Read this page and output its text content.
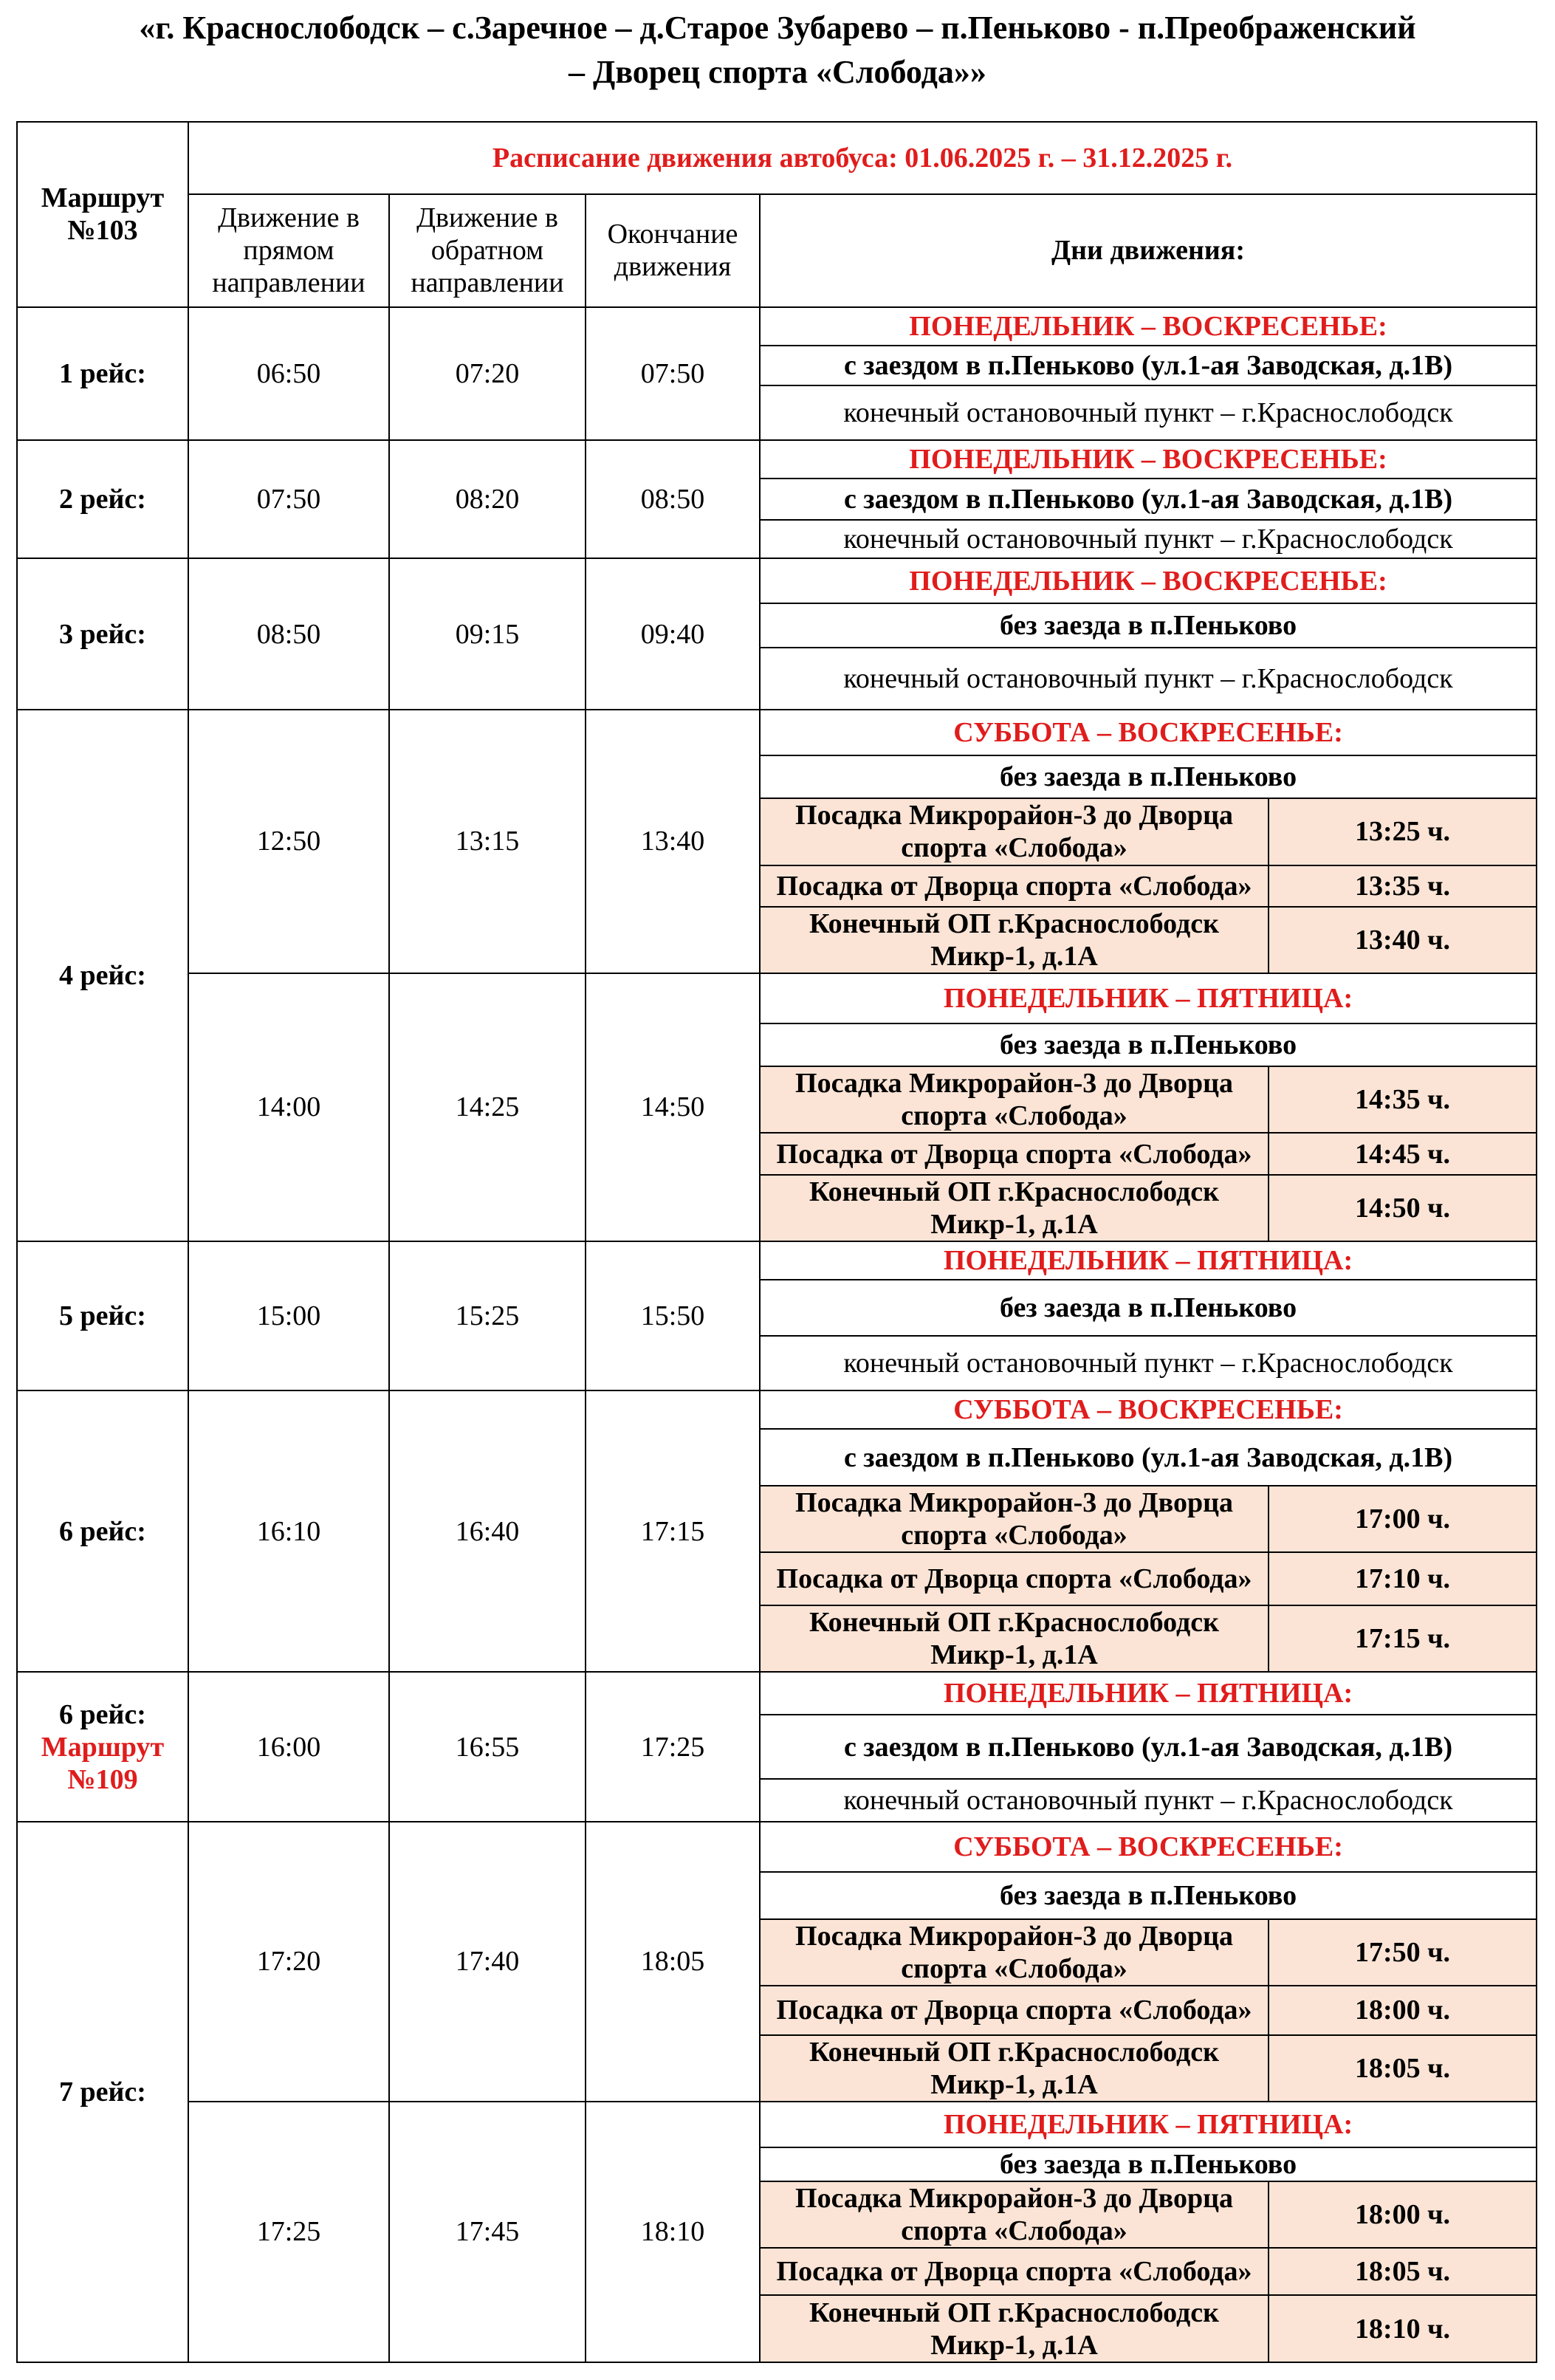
«г. Краснослободск – с.Заречное – д.Старое Зубарево – п.Пеньково - п.Преображенский
– Дворец спорта «Слобода»»
Маршрут №103	Расписание движения автобуса: 01.06.2025 г. – 31.12.2025 г.				
	Движение в прямом направлении	Движение в обратном направлении	Окончание движения	Дни движения:	
1 рейс:	06:50	07:20	07:50	ПОНЕДЕЛЬНИК – ВОСКРЕСЕНЬЕ:	
				с заездом в п.Пеньково (ул.1-ая Заводская, д.1В)	
				конечный остановочный пункт – г.Краснослободск	
2 рейс:	07:50	08:20	08:50	ПОНЕДЕЛЬНИК – ВОСКРЕСЕНЬЕ:	
				с заездом в п.Пеньково (ул.1-ая Заводская, д.1В)	
				конечный остановочный пункт – г.Краснослободск	
3 рейс:	08:50	09:15	09:40	ПОНЕДЕЛЬНИК – ВОСКРЕСЕНЬЕ:	
				без заезда в п.Пеньково	
				конечный остановочный пункт – г.Краснослободск	
4 рейс:	12:50	13:15	13:40	СУББОТА – ВОСКРЕСЕНЬЕ:	
				без заезда в п.Пеньково	
				Посадка Микрорайон-3 до Дворца спорта «Слобода»	13:25 ч.
				Посадка от Дворца спорта «Слобода»	13:35 ч.
				Конечный ОП г.Краснослободск Микр-1, д.1А	13:40 ч.
	14:00	14:25	14:50	ПОНЕДЕЛЬНИК – ПЯТНИЦА:	
				без заезда в п.Пеньково	
				Посадка Микрорайон-3 до Дворца спорта «Слобода»	14:35 ч.
				Посадка от Дворца спорта «Слобода»	14:45 ч.
				Конечный ОП г.Краснослободск Микр-1, д.1А	14:50 ч.
5 рейс:	15:00	15:25	15:50	ПОНЕДЕЛЬНИК – ПЯТНИЦА:	
				без заезда в п.Пеньково	
				конечный остановочный пункт – г.Краснослободск	
6 рейс:	16:10	16:40	17:15	СУББОТА – ВОСКРЕСЕНЬЕ:	
				с заездом в п.Пеньково (ул.1-ая Заводская, д.1В)	
				Посадка Микрорайон-3 до Дворца спорта «Слобода»	17:00 ч.
				Посадка от Дворца спорта «Слобода»	17:10 ч.
				Конечный ОП г.Краснослободск Микр-1, д.1А	17:15 ч.

6 рейс:
Маршрут №109	16:00	16:55	17:25	ПОНЕДЕЛЬНИК – ПЯТНИЦА:	
				с заездом в п.Пеньково (ул.1-ая Заводская, д.1В)	
				конечный остановочный пункт – г.Краснослободск	
7 рейс:	17:20	17:40	18:05	СУББОТА – ВОСКРЕСЕНЬЕ:	
				без заезда в п.Пеньково	
				Посадка Микрорайон-3 до Дворца спорта «Слобода»	17:50 ч.
				Посадка от Дворца спорта «Слобода»	18:00 ч.
				Конечный ОП г.Краснослободск Микр-1, д.1А	18:05 ч.
	17:25	17:45	18:10	ПОНЕДЕЛЬНИК – ПЯТНИЦА:	
				без заезда в п.Пеньково	
				Посадка Микрорайон-3 до Дворца спорта «Слобода»	18:00 ч.
				Посадка от Дворца спорта «Слобода»	18:05 ч.
				Конечный ОП г.Краснослободск Микр-1, д.1А	18:10 ч.
